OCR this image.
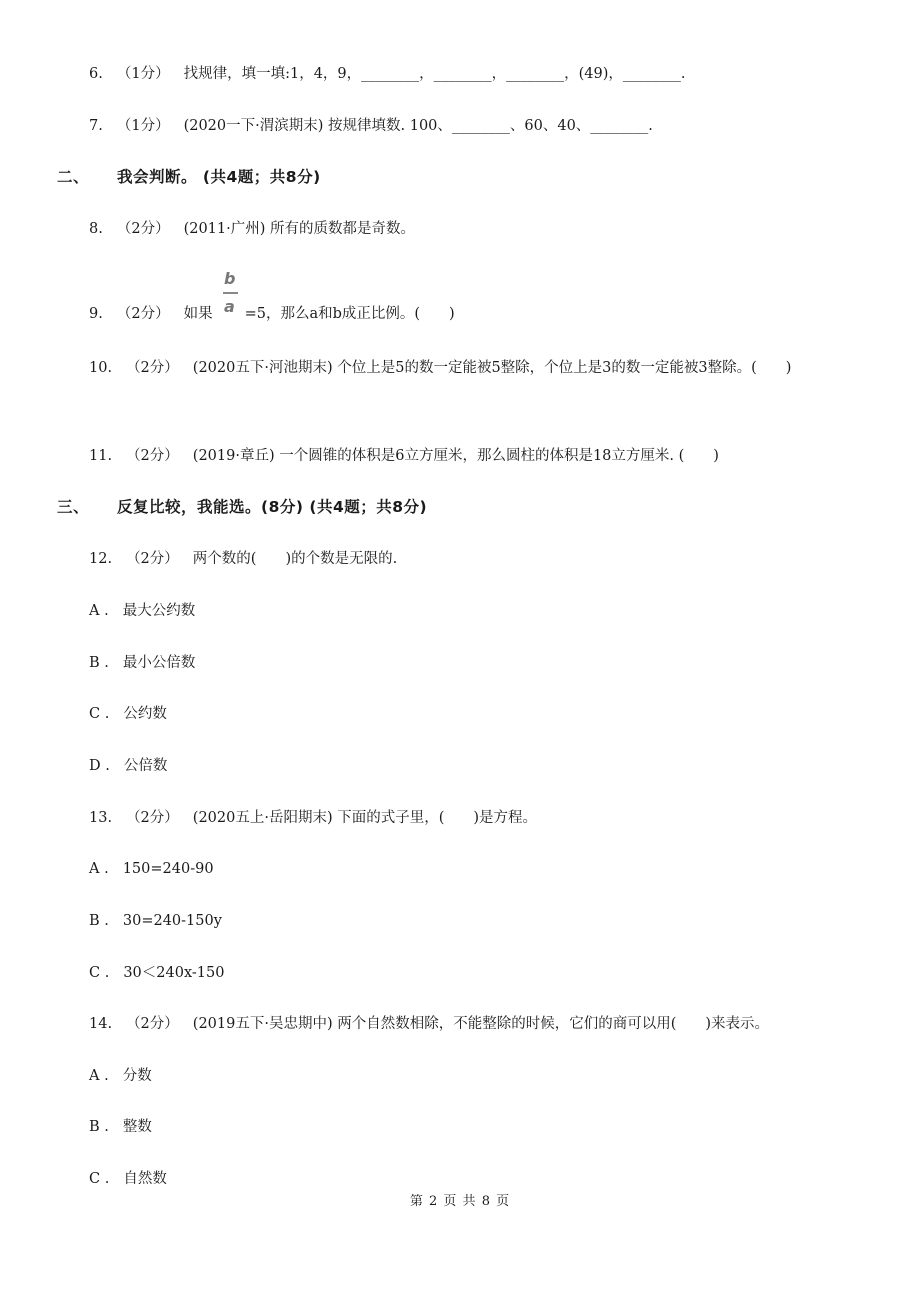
6. （1分） 找规律，填一填:1，4，9，________，________，________，(49)，________.
7. （1分） (2020一下·渭滨期末) 按规律填数. 100、________、60、40、________.
二、 我会判断。 (共4题；共8分)
8. （2分） (2011·广州) 所有的质数都是奇数。
9. （2分） 如果 =5，那么a和b成正比例。(　　)
b
a
10. （2分） (2020五下·河池期末) 个位上是5的数一定能被5整除，个位上是3的数一定能被3整除。(　　)
11. （2分） (2019·章丘) 一个圆锥的体积是6立方厘米，那么圆柱的体积是18立方厘米. (　　)
三、 反复比较，我能选。(8分) (共4题；共8分)
12. （2分） 两个数的(　　)的个数是无限的.
A . 最大公约数
B . 最小公倍数
C . 公约数
D . 公倍数
13. （2分） (2020五上·岳阳期末) 下面的式子里，(　　)是方程。
A . 150=240-90
B . 30=240-150y
C . 30＜240x-150
14. （2分） (2019五下·吴忠期中) 两个自然数相除，不能整除的时候，它们的商可以用(　　)来表示。
A . 分数
B . 整数
C . 自然数
第 2 页 共 8 页
